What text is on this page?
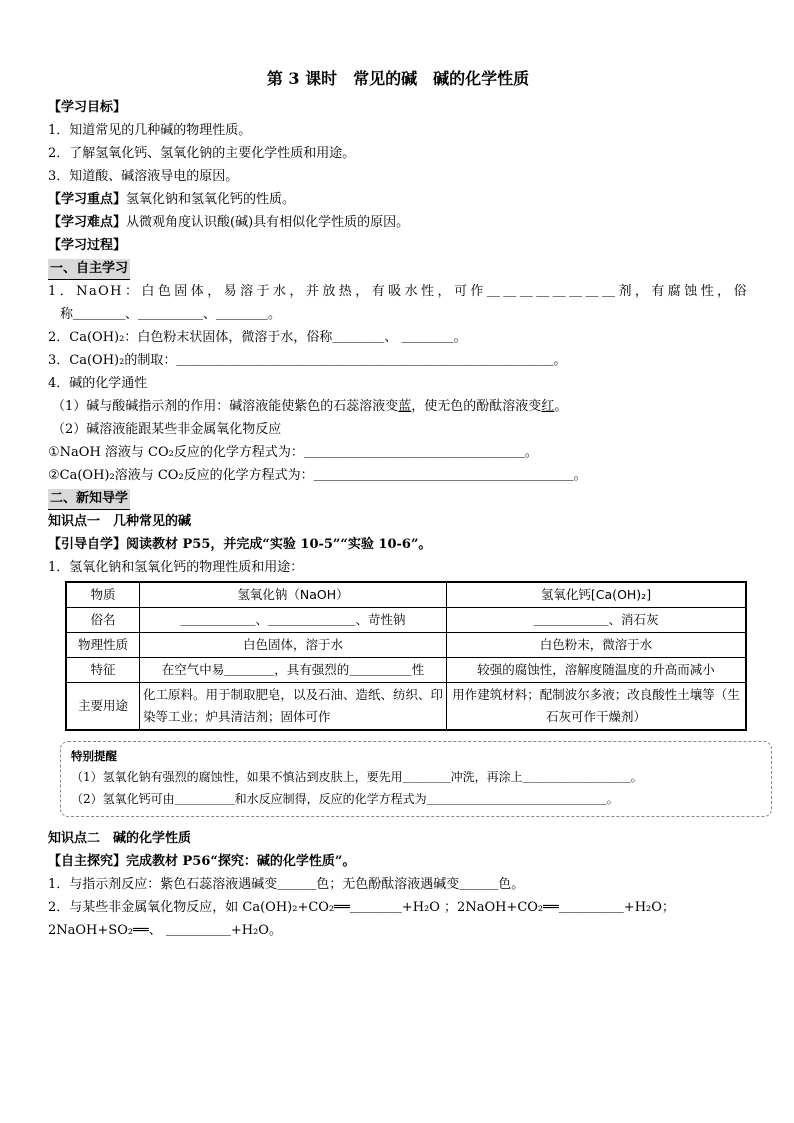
第 3 课时　常见的碱　碱的化学性质
【学习目标】
1．知道常见的几种碱的物理性质。
2．了解氢氧化钙、氢氧化钠的主要化学性质和用途。
3．知道酸、碱溶液导电的原因。
【学习重点】氢氧化钠和氢氧化钙的性质。
【学习难点】从微观角度认识酸(碱)具有相似化学性质的原因。
【学习过程】
一、自主学习
1．NaOH：白色固体，易溶于水，并放热，有吸水性，可作＿＿＿＿＿＿＿＿剂，有腐蚀性，俗
称＿＿＿＿、＿＿＿＿＿、＿＿＿＿。
2．Ca(OH)₂：白色粉末状固体，微溶于水，俗称＿＿＿＿、 ＿＿＿＿。
3．Ca(OH)₂的制取：＿＿＿＿＿＿＿＿＿＿＿＿＿＿＿＿＿＿＿＿＿＿＿＿＿＿＿＿＿。
4．碱的化学通性
（1）碱与酸碱指示剂的作用：碱溶液能使紫色的石蕊溶液变蓝，使无色的酚酞溶液变红。
（2）碱溶液能跟某些非金属氧化物反应
①NaOH 溶液与 CO₂反应的化学方程式为：＿＿＿＿＿＿＿＿＿＿＿＿＿＿＿＿＿。
②Ca(OH)₂溶液与 CO₂反应的化学方程式为：＿＿＿＿＿＿＿＿＿＿＿＿＿＿＿＿＿＿＿＿。
二、新知导学
知识点一　几种常见的碱
【引导自学】阅读教材 P55，并完成“实验 10-5”“实验 10-6”。
1．氢氧化钠和氢氧化钙的物理性质和用途：
物质	氢氧化钠（NaOH）	氢氧化钙[Ca(OH)₂]
俗名	＿＿＿＿＿＿、＿＿＿＿＿＿＿、苛性钠	＿＿＿＿＿＿、消石灰
物理性质	白色固体，溶于水	白色粉末，微溶于水
特征	在空气中易＿＿＿＿，具有强烈的＿＿＿＿＿性	较强的腐蚀性，溶解度随温度的升高而减小
主要用途	化工原料。用于制取肥皂，以及石油、造纸、纺织、印染等工业；炉具清洁剂；固体可作	用作建筑材料；配制波尔多液；改良酸性土壤等（生石灰可作干燥剂）
特别提醒
（1）氢氧化钠有强烈的腐蚀性，如果不慎沾到皮肤上，要先用＿＿＿＿冲洗，再涂上＿＿＿＿＿＿＿＿＿。
（2）氢氧化钙可由＿＿＿＿＿和水反应制得，反应的化学方程式为＿＿＿＿＿＿＿＿＿＿＿＿＿＿＿。
知识点二　碱的化学性质
【自主探究】完成教材 P56“探究：碱的化学性质”。
1．与指示剂反应：紫色石蕊溶液遇碱变＿＿＿色；无色酚酞溶液遇碱变＿＿＿色。
2．与某些非金属氧化物反应，如 Ca(OH)₂+CO₂══＿＿＿＿+H₂O ；2NaOH+CO₂══＿＿＿＿＿+H₂O；
2NaOH+SO₂══、 ＿＿＿＿＿+H₂O。
